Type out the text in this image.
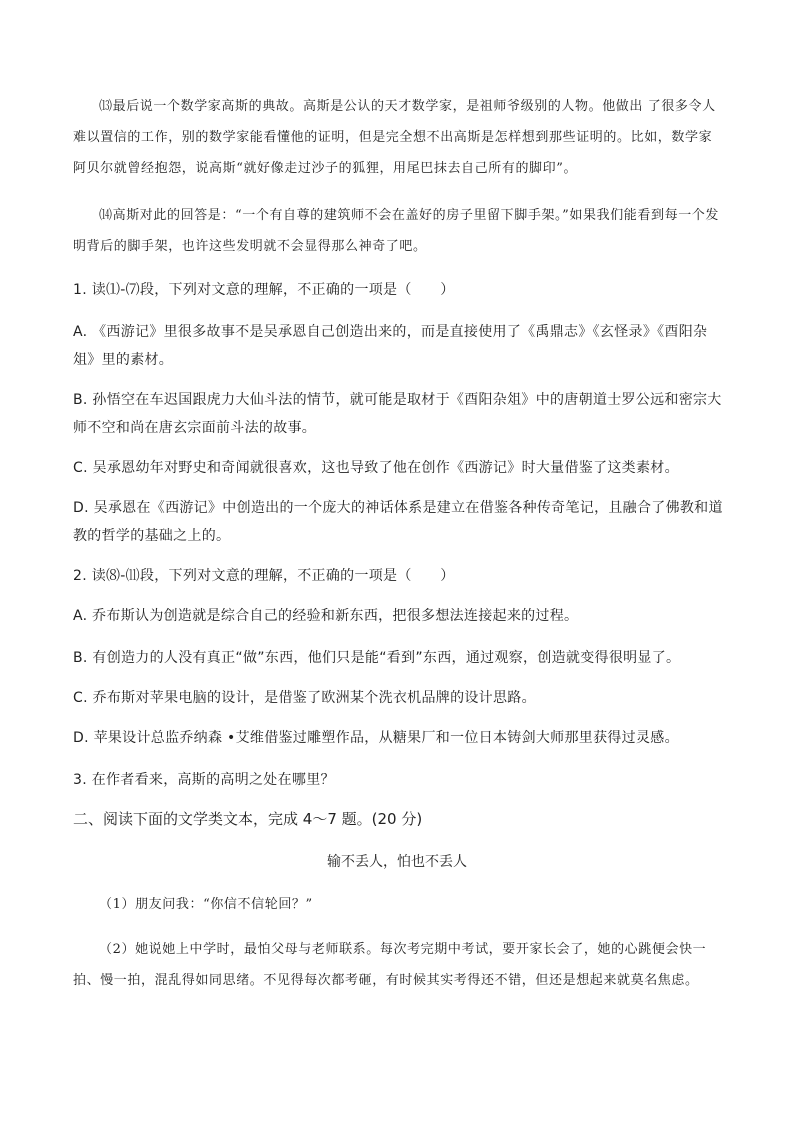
⒀最后说一个数学家高斯的典故。高斯是公认的天才数学家，是祖师爷级别的人物。他做出 了很多令人难以置信的工作，别的数学家能看懂他的证明，但是完全想不出高斯是怎样想到那些证明的。比如，数学家阿贝尔就曾经抱怨，说高斯“就好像走过沙子的狐狸，用尾巴抹去自己所有的脚印”。

⒁高斯对此的回答是：“一个有自尊的建筑师不会在盖好的房子里留下脚手架。”如果我们能看到每一个发明背后的脚手架，也许这些发明就不会显得那么神奇了吧。

1. 读⑴-⑺段，下列对文意的理解，不正确的一项是（　　）

A. 《西游记》里很多故事不是吴承恩自己创造出来的，而是直接使用了《禹鼎志》《玄怪录》《酉阳杂俎》里的素材。

B. 孙悟空在车迟国跟虎力大仙斗法的情节，就可能是取材于《酉阳杂俎》中的唐朝道士罗公远和密宗大师不空和尚在唐玄宗面前斗法的故事。

C. 吴承恩幼年对野史和奇闻就很喜欢，这也导致了他在创作《西游记》时大量借鉴了这类素材。

D. 吴承恩在《西游记》中创造出的一个庞大的神话体系是建立在借鉴各种传奇笔记，且融合了佛教和道教的哲学的基础之上的。

2. 读⑻-⑾段，下列对文意的理解，不正确的一项是（　　）

A. 乔布斯认为创造就是综合自己的经验和新东西，把很多想法连接起来的过程。

B. 有创造力的人没有真正“做”东西，他们只是能“看到”东西，通过观察，创造就变得很明显了。

C. 乔布斯对苹果电脑的设计，是借鉴了欧洲某个洗衣机品牌的设计思路。

D. 苹果设计总监乔纳森 •艾维借鉴过雕塑作品，从糖果厂和一位日本铸剑大师那里获得过灵感。

3. 在作者看来，高斯的高明之处在哪里？

二、阅读下面的文学类文本，完成 4～7 题。(20 分)

输不丢人，怕也不丢人

（1）朋友问我：“你信不信轮回？”

（2）她说她上中学时，最怕父母与老师联系。每次考完期中考试，要开家长会了，她的心跳便会快一拍、慢一拍，混乱得如同思绪。不见得每次都考砸，有时候其实考得还不错，但还是想起来就莫名焦虑。
